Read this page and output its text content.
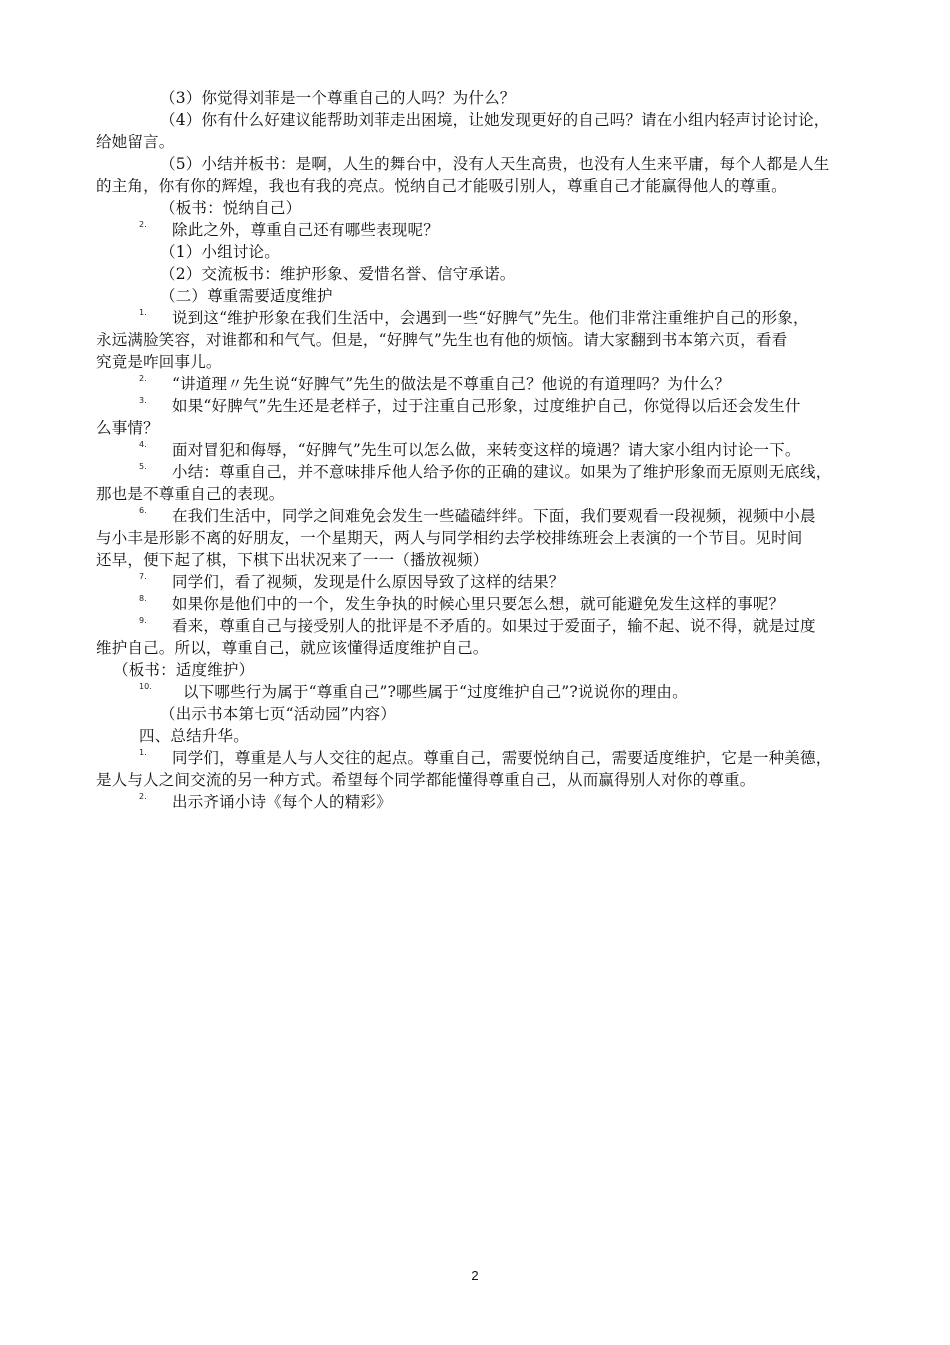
（3）你觉得刘菲是一个尊重自己的人吗？为什么？
（4）你有什么好建议能帮助刘菲走出困境，让她发现更好的自己吗？请在小组内轻声讨论讨论，
给她留言。
（5）小结并板书：是啊，人生的舞台中，没有人天生高贵，也没有人生来平庸，每个人都是人生
的主角，你有你的辉煌，我也有我的亮点。悦纳自己才能吸引别人，尊重自己才能赢得他人的尊重。
（板书：悦纳自己）
2. 除此之外，尊重自己还有哪些表现呢？
（1）小组讨论。
（2）交流板书：维护形象、爱惜名誉、信守承诺。
（二）尊重需要适度维护
1. 说到这“维护形象在我们生活中，会遇到一些“好脾气”先生。他们非常注重维护自己的形象，
永远满脸笑容，对谁都和和气气。但是，“好脾气”先生也有他的烦恼。请大家翻到书本第六页，看看
究竟是咋回事儿。
2. “讲道理〃先生说“好脾气”先生的做法是不尊重自己？他说的有道理吗？为什么？
3. 如果“好脾气”先生还是老样子，过于注重自己形象，过度维护自己，你觉得以后还会发生什
么事情？
4. 面对冒犯和侮辱，“好脾气”先生可以怎么做，来转变这样的境遇？请大家小组内讨论一下。
5. 小结：尊重自己，并不意味排斥他人给予你的正确的建议。如果为了维护形象而无原则无底线，
那也是不尊重自己的表现。
6. 在我们生活中，同学之间难免会发生一些磕磕绊绊。下面，我们要观看一段视频，视频中小晨
与小丰是形影不离的好朋友，一个星期天，两人与同学相约去学校排练班会上表演的一个节目。见时间
还早，便下起了棋，下棋下出状况来了一一（播放视频）
7. 同学们，看了视频，发现是什么原因导致了这样的结果？
8. 如果你是他们中的一个，发生争执的时候心里只要怎么想，就可能避免发生这样的事呢？
9. 看来，尊重自己与接受别人的批评是不矛盾的。如果过于爱面子，输不起、说不得，就是过度
维护自己。所以，尊重自己，就应该懂得适度维护自己。
（板书：适度维护）
10. 以下哪些行为属于“尊重自己”?哪些属于“过度维护自己”?说说你的理由。
（出示书本第七页“活动园”内容）
四、总结升华。
1. 同学们，尊重是人与人交往的起点。尊重自己，需要悦纳自己，需要适度维护，它是一种美德，
是人与人之间交流的另一种方式。希望每个同学都能懂得尊重自己，从而赢得别人对你的尊重。
2. 出示齐诵小诗《每个人的精彩》
2
